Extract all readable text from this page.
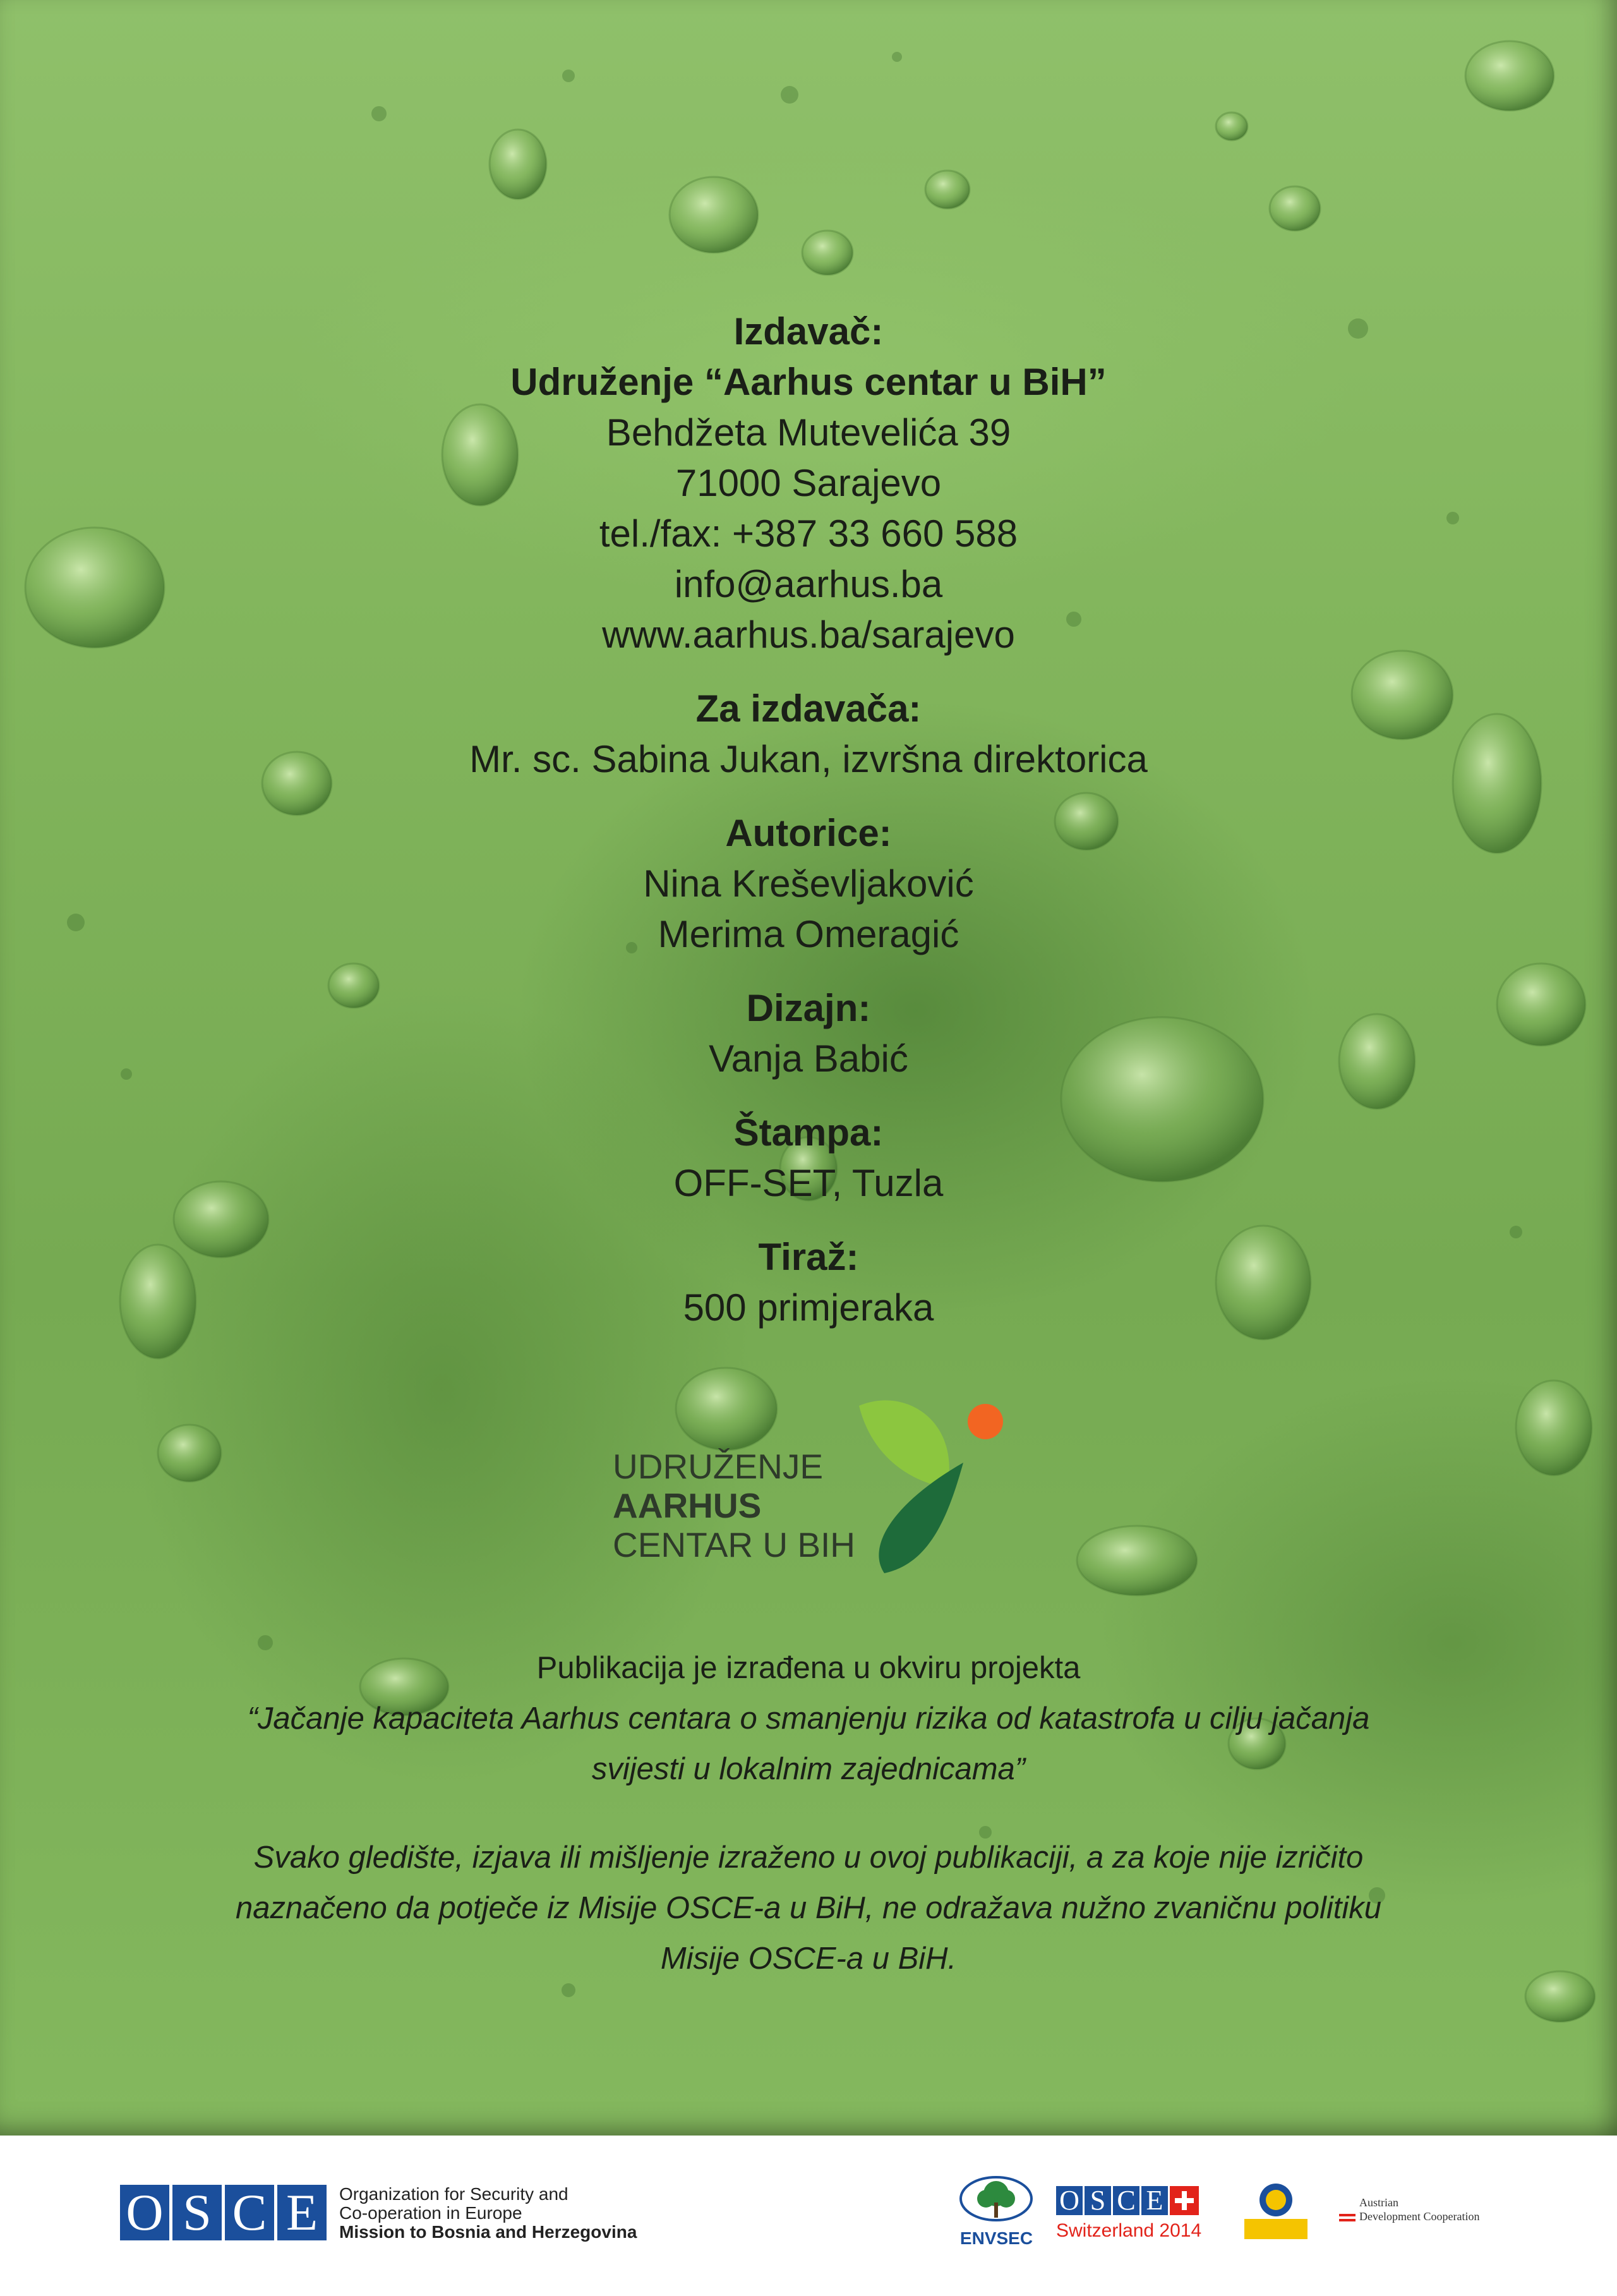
Izdavač:

Udruženje “Aarhus centar u BiH”

Behdžeta Mutevelića 39

71000 Sarajevo

tel./fax: +387 33 660 588

info@aarhus.ba

www.aarhus.ba/sarajevo

Za izdavača:

Mr. sc. Sabina Jukan, izvršna direktorica

Autorice:

Nina Kreševljaković

Merima Omeragić

Dizajn:

Vanja Babić

Štampa:

OFF-SET, Tuzla

Tiraž:

500 primjeraka

UDRUŽENJE
AARHUS
CENTAR U BIH

Publikacija je izrađena u okviru projekta

“Jačanje kapaciteta Aarhus centara o smanjenju rizika od katastrofa u cilju jačanja

svijesti u lokalnim zajednicama”

Svako gledište, izjava ili mišljenje izraženo u ovoj publikaciji, a za koje nije izričito

naznačeno da potječe iz Misije OSCE-a u BiH, ne odražava nužno zvaničnu politiku

Misije OSCE-a u BiH.

O S C E	Organization for Security and
Co-operation in Europe
Mission to Bosnia and Herzegovina	ENVSEC
O S C E
Switzerland 2014
Austrian
Development Cooperation
